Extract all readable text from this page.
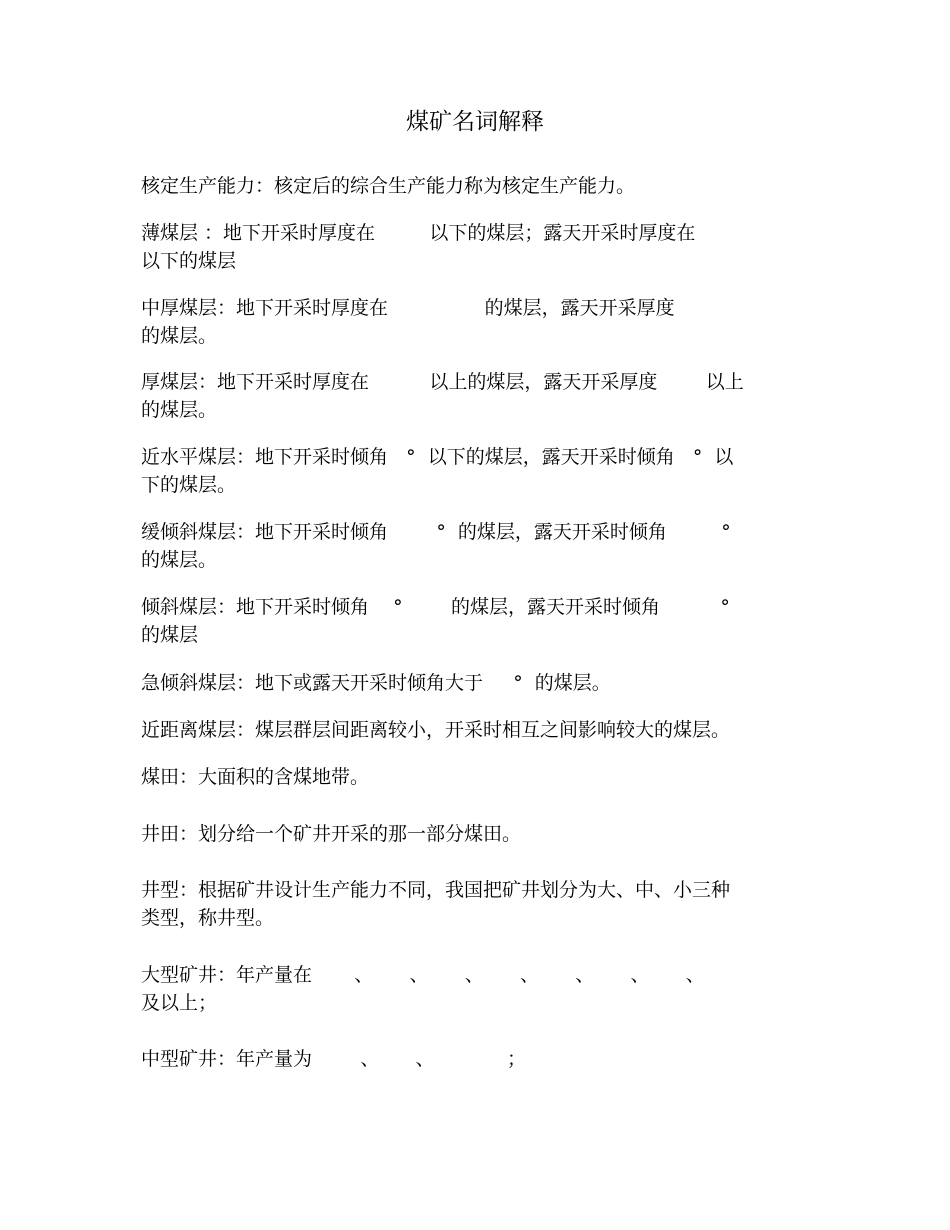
煤矿名词解释
核定生产能力：核定后的综合生产能力称为核定生产能力。
薄煤层 ：地下开采时厚度在         以下的煤层；露天开采时厚度在
以下的煤层
中厚煤层：地下开采时厚度在                的煤层，露天开采厚度
的煤层。
厚煤层：地下开采时厚度在          以上的煤层，露天开采厚度        以上
的煤层。
近水平煤层：地下开采时倾角   °  以下的煤层，露天开采时倾角   °  以
下的煤层。
缓倾斜煤层：地下开采时倾角        °  的煤层，露天开采时倾角         °
的煤层。
倾斜煤层：地下开采时倾角    °        的煤层，露天开采时倾角          °
的煤层
急倾斜煤层：地下或露天开采时倾角大于     °  的煤层。
近距离煤层：煤层群层间距离较小，开采时相互之间影响较大的煤层。
煤田：大面积的含煤地带。
井田：划分给一个矿井开采的那一部分煤田。
井型：根据矿井设计生产能力不同，我国把矿井划分为大、中、小三种
类型，称井型。
大型矿井：年产量在       、      、      、      、      、      、      、
及以上；
中型矿井：年产量为        、      、            ；
